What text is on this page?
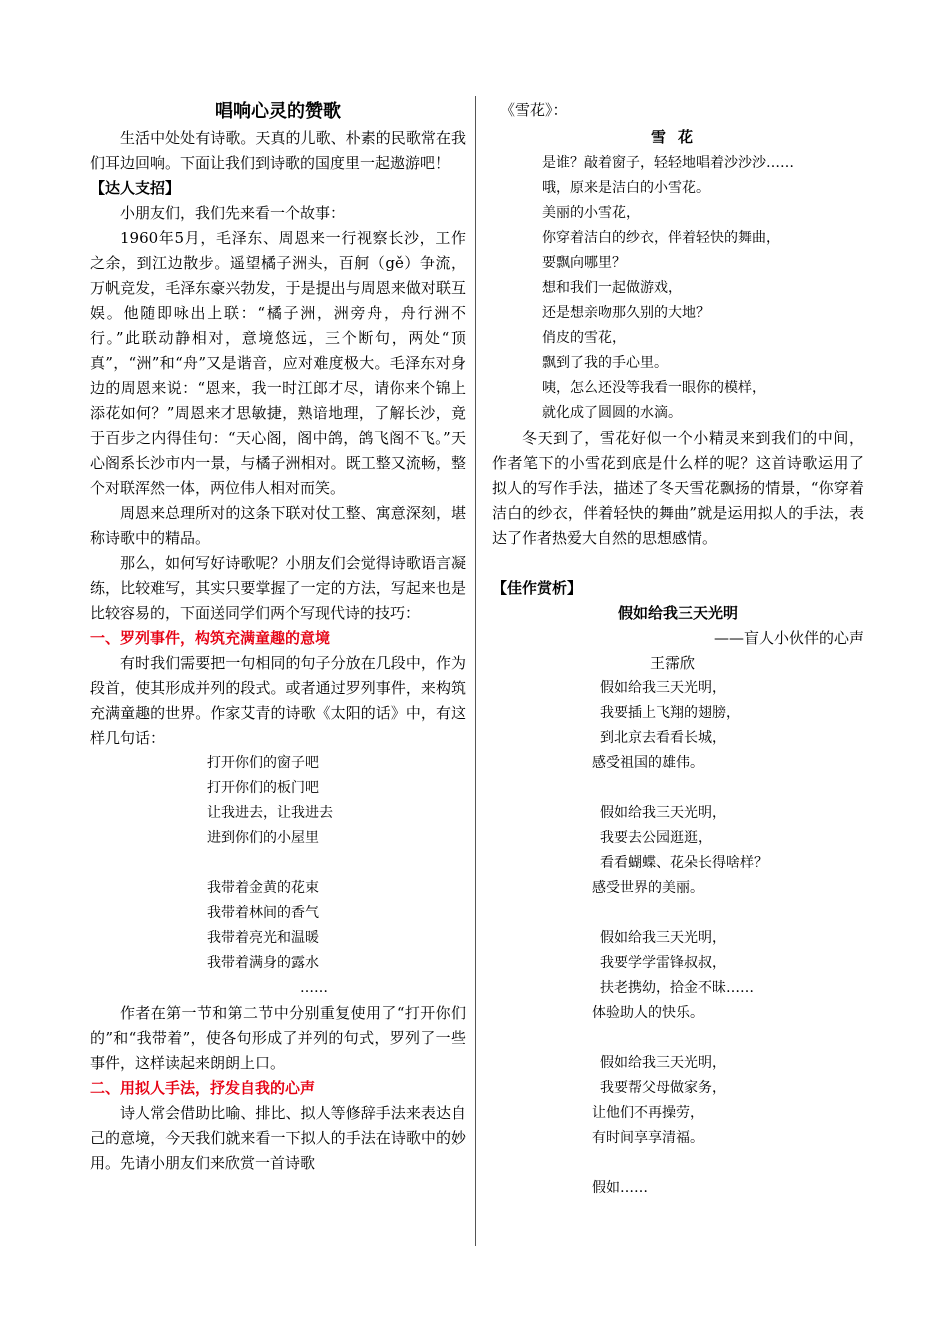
唱响心灵的赞歌

生活中处处有诗歌。天真的儿歌、朴素的民歌常在我们耳边回响。下面让我们到诗歌的国度里一起遨游吧！

【达人支招】

小朋友们，我们先来看一个故事：

1960年5月，毛泽东、周恩来一行视察长沙，工作之余，到江边散步。遥望橘子洲头，百舸（gě）争流，万帆竞发，毛泽东豪兴勃发，于是提出与周恩来做对联互娱。他随即咏出上联：“橘子洲，洲旁舟，舟行洲不行。”此联动静相对，意境悠远，三个断句，两处“顶真”，“洲”和“舟”又是谐音，应对难度极大。毛泽东对身边的周恩来说：“恩来，我一时江郎才尽，请你来个锦上添花如何？”周恩来才思敏捷，熟谙地理，了解长沙，竟于百步之内得佳句：“天心阁，阁中鸽，鸽飞阁不飞。”天心阁系长沙市内一景，与橘子洲相对。既工整又流畅，整个对联浑然一体，两位伟人相对而笑。

周恩来总理所对的这条下联对仗工整、寓意深刻，堪称诗歌中的精品。

那么，如何写好诗歌呢？小朋友们会觉得诗歌语言凝练，比较难写，其实只要掌握了一定的方法，写起来也是比较容易的，下面送同学们两个写现代诗的技巧：

一、罗列事件，构筑充满童趣的意境

有时我们需要把一句相同的句子分放在几段中，作为段首，使其形成并列的段式。或者通过罗列事件，来构筑充满童趣的世界。作家艾青的诗歌《太阳的话》中，有这样几句话：

打开你们的窗子吧
打开你们的板门吧
让我进去，让我进去
进到你们的小屋里
我带着金黄的花束
我带着林间的香气
我带着亮光和温暖
我带着满身的露水
……

作者在第一节和第二节中分别重复使用了“打开你们的”和“我带着”，使各句形成了并列的句式，罗列了一些事件，这样读起来朗朗上口。

二、用拟人手法，抒发自我的心声

诗人常会借助比喻、排比、拟人等修辞手法来表达自己的意境，今天我们就来看一下拟人的手法在诗歌中的妙用。先请小朋友们来欣赏一首诗歌

《雪花》：

雪花

是谁？敲着窗子，轻轻地唱着沙沙沙……
哦，原来是洁白的小雪花。
美丽的小雪花，
你穿着洁白的纱衣，伴着轻快的舞曲，
要飘向哪里？
想和我们一起做游戏，
还是想亲吻那久别的大地？
俏皮的雪花，
飘到了我的手心里。
咦，怎么还没等我看一眼你的模样，
就化成了圆圆的水滴。

冬天到了，雪花好似一个小精灵来到我们的中间，作者笔下的小雪花到底是什么样的呢？这首诗歌运用了拟人的写作手法，描述了冬天雪花飘扬的情景，“你穿着洁白的纱衣，伴着轻快的舞曲”就是运用拟人的手法，表达了作者热爱大自然的思想感情。

【佳作赏析】

假如给我三天光明

——盲人小伙伴的心声

王霈欣

假如给我三天光明，
我要插上飞翔的翅膀，
到北京去看看长城，
感受祖国的雄伟。
假如给我三天光明，
我要去公园逛逛，
看看蝴蝶、花朵长得啥样？
感受世界的美丽。
假如给我三天光明，
我要学学雷锋叔叔，
扶老携幼，拾金不昧……
体验助人的快乐。
假如给我三天光明，
我要帮父母做家务，
让他们不再操劳，
有时间享享清福。
假如……
